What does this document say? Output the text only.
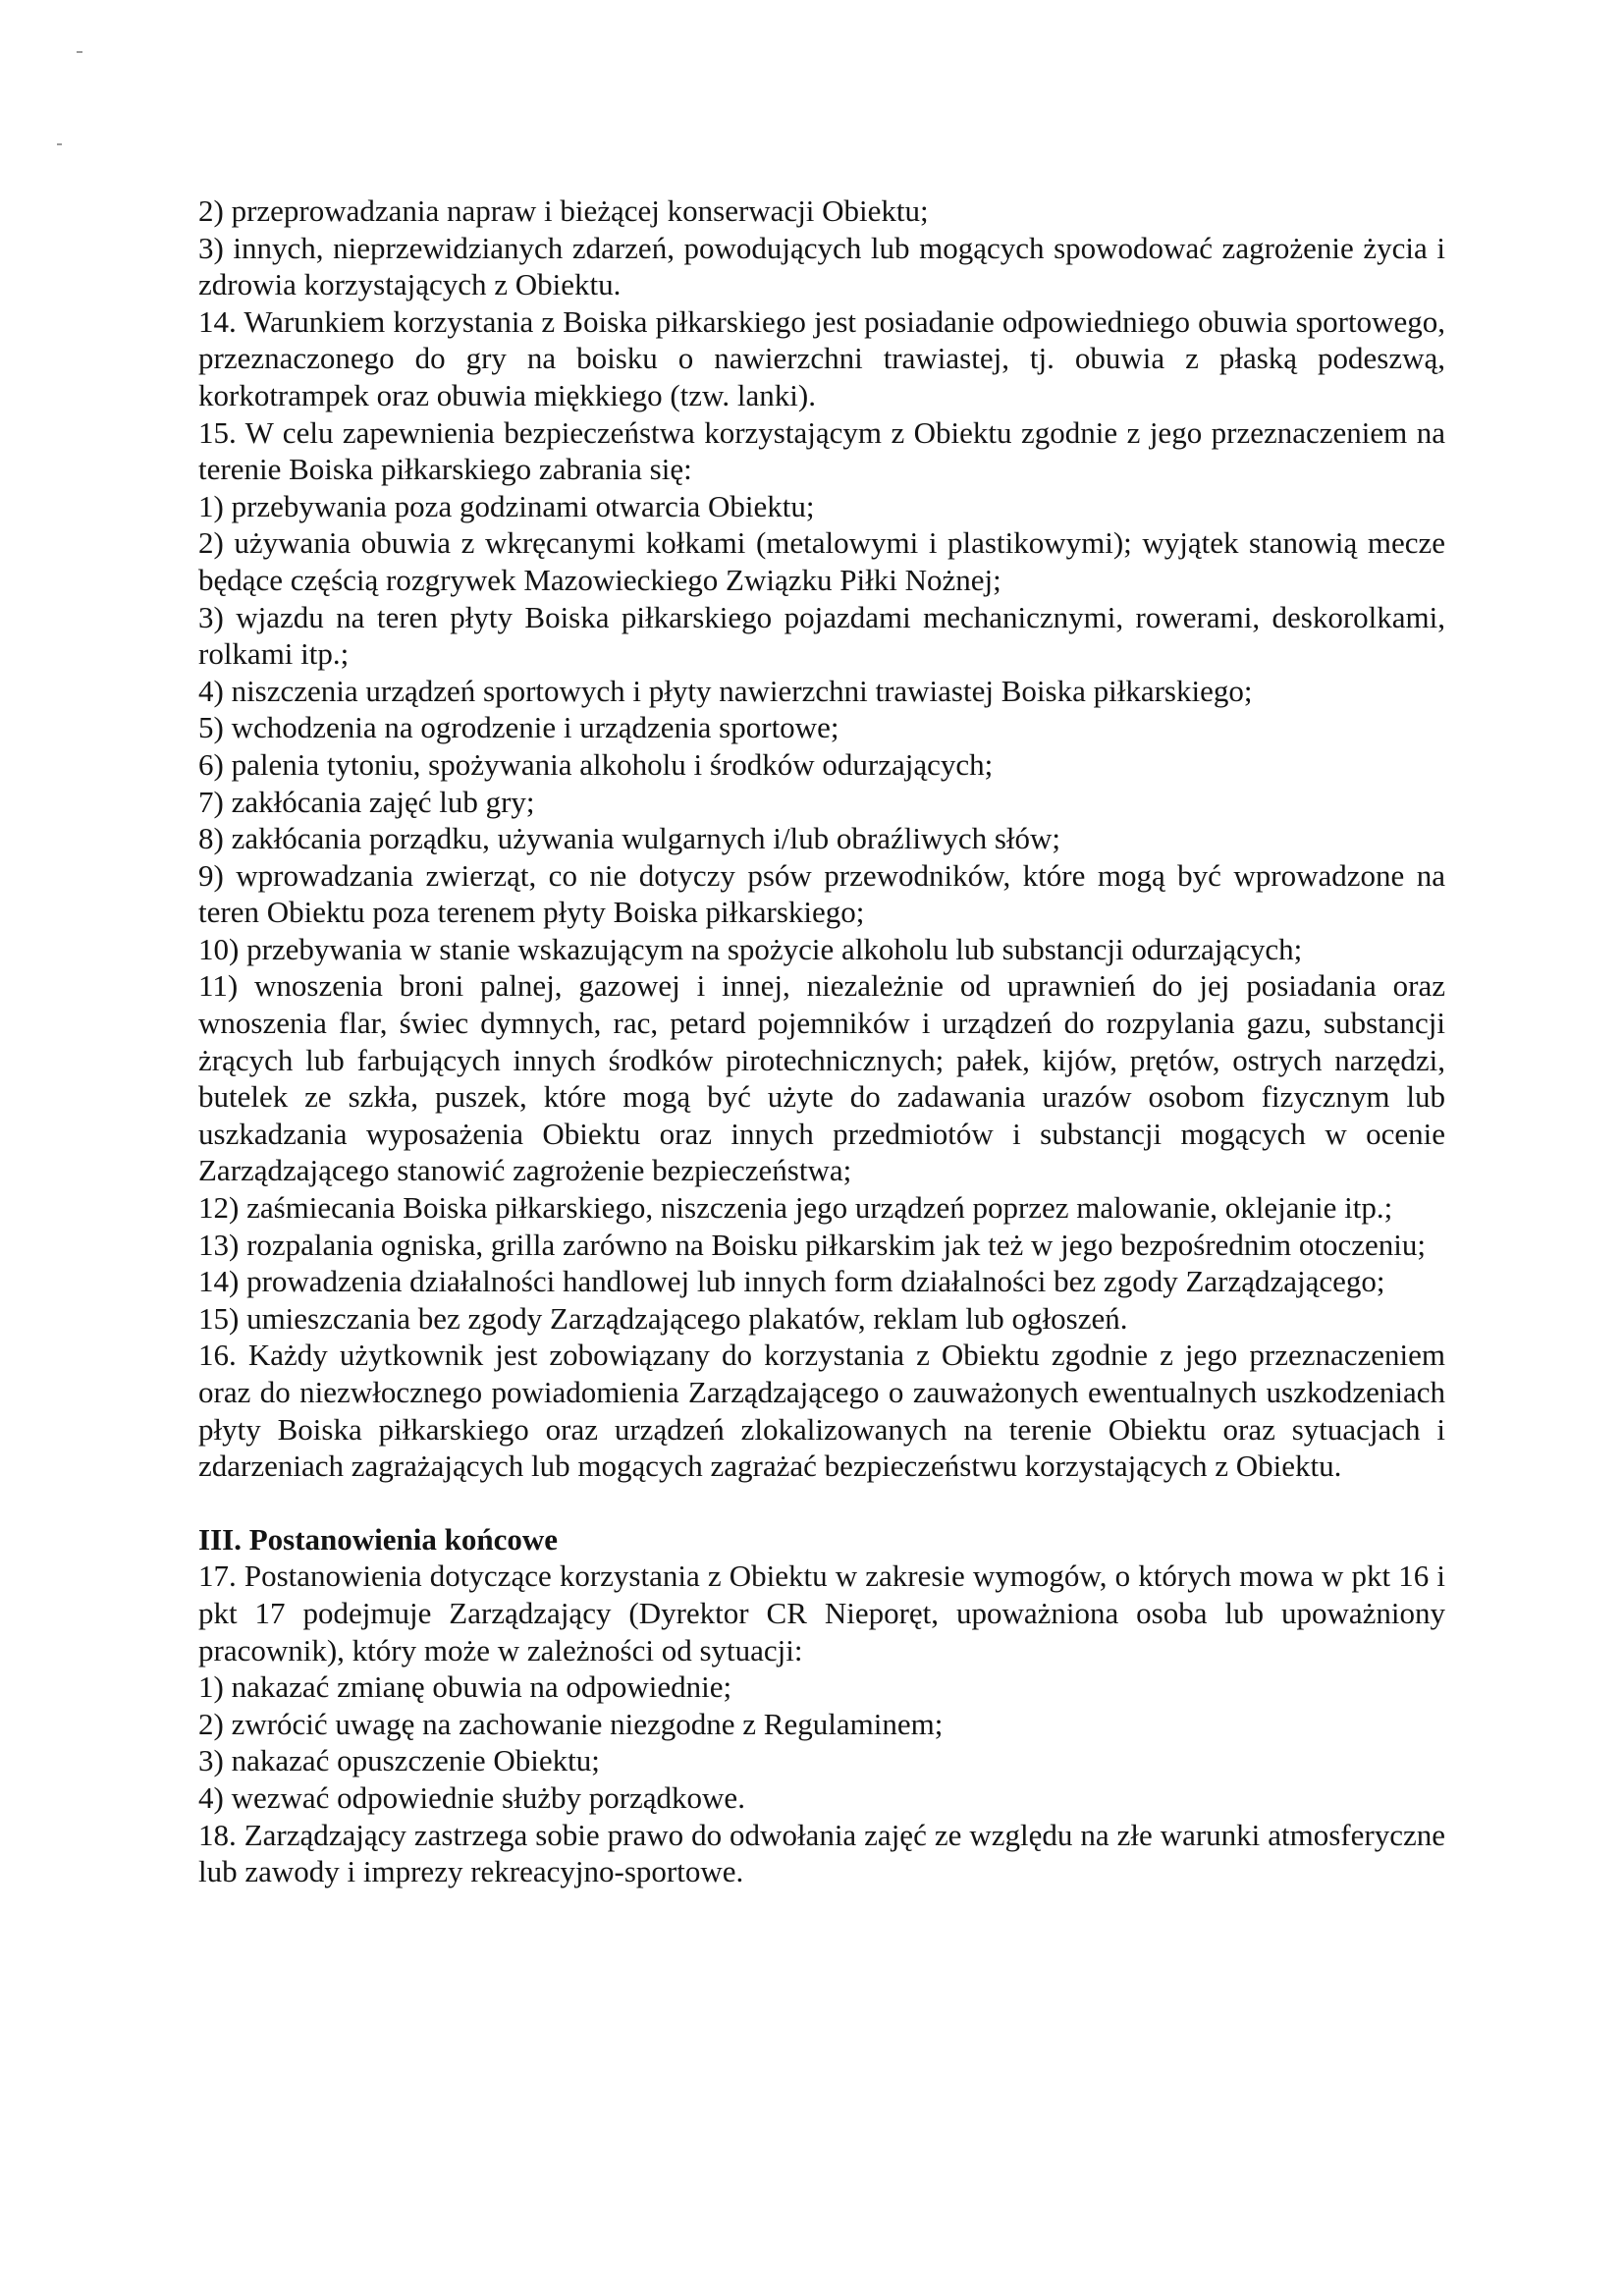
2) przeprowadzania napraw i bieżącej konserwacji Obiektu;

3) innych, nieprzewidzianych zdarzeń, powodujących lub mogących spowodować zagrożenie życia i zdrowia korzystających z Obiektu.

14. Warunkiem korzystania z Boiska piłkarskiego jest posiadanie odpowiedniego obuwia sportowego, przeznaczonego do gry na boisku o nawierzchni trawiastej, tj. obuwia z płaską podeszwą, korkotrampek oraz obuwia miękkiego (tzw. lanki).

15. W celu zapewnienia bezpieczeństwa korzystającym z Obiektu zgodnie z jego przeznaczeniem na terenie Boiska piłkarskiego zabrania się:

1) przebywania poza godzinami otwarcia Obiektu;

2) używania obuwia z wkręcanymi kołkami (metalowymi i plastikowymi); wyjątek stanowią mecze będące częścią rozgrywek Mazowieckiego Związku Piłki Nożnej;

3) wjazdu na teren płyty Boiska piłkarskiego pojazdami mechanicznymi, rowerami, deskorolkami, rolkami itp.;

4) niszczenia urządzeń sportowych i płyty nawierzchni trawiastej Boiska piłkarskiego;

5) wchodzenia na ogrodzenie i urządzenia sportowe;

6) palenia tytoniu, spożywania alkoholu i środków odurzających;

7) zakłócania zajęć lub gry;

8) zakłócania porządku, używania wulgarnych i/lub obraźliwych słów;

9) wprowadzania zwierząt, co nie dotyczy psów przewodników, które mogą być wprowadzone na teren Obiektu poza terenem płyty Boiska piłkarskiego;

10) przebywania w stanie wskazującym na spożycie alkoholu lub substancji odurzających;

11) wnoszenia broni palnej, gazowej i innej, niezależnie od uprawnień do jej posiadania oraz wnoszenia flar, świec dymnych, rac, petard pojemników i urządzeń do rozpylania gazu, substancji żrących lub farbujących innych środków pirotechnicznych; pałek, kijów, prętów, ostrych narzędzi, butelek ze szkła, puszek, które mogą być użyte do zadawania urazów osobom fizycznym lub uszkadzania wyposażenia Obiektu oraz innych przedmiotów i substancji mogących w ocenie Zarządzającego stanowić zagrożenie bezpieczeństwa;

12) zaśmiecania Boiska piłkarskiego, niszczenia jego urządzeń poprzez malowanie, oklejanie itp.;

13) rozpalania ogniska, grilla zarówno na Boisku piłkarskim jak też w jego bezpośrednim otoczeniu;

14) prowadzenia działalności handlowej lub innych form działalności bez zgody Zarządzającego;

15) umieszczania bez zgody Zarządzającego plakatów, reklam lub ogłoszeń.

16. Każdy użytkownik jest zobowiązany do korzystania z Obiektu zgodnie z jego przeznaczeniem oraz do niezwłocznego powiadomienia Zarządzającego o zauważonych ewentualnych uszkodzeniach płyty Boiska piłkarskiego oraz urządzeń zlokalizowanych na terenie Obiektu oraz sytuacjach i zdarzeniach zagrażających lub mogących zagrażać bezpieczeństwu korzystających z Obiektu.

III. Postanowienia końcowe

17. Postanowienia dotyczące korzystania z Obiektu w zakresie wymogów, o których mowa w pkt 16 i pkt 17 podejmuje Zarządzający (Dyrektor CR Nieporęt, upoważniona osoba lub upoważniony pracownik), który może w zależności od sytuacji:

1) nakazać zmianę obuwia na odpowiednie;

2) zwrócić uwagę na zachowanie niezgodne z Regulaminem;

3) nakazać opuszczenie Obiektu;

4) wezwać odpowiednie służby porządkowe.

18. Zarządzający zastrzega sobie prawo do odwołania zajęć ze względu na złe warunki atmosferyczne lub zawody i imprezy rekreacyjno-sportowe.
